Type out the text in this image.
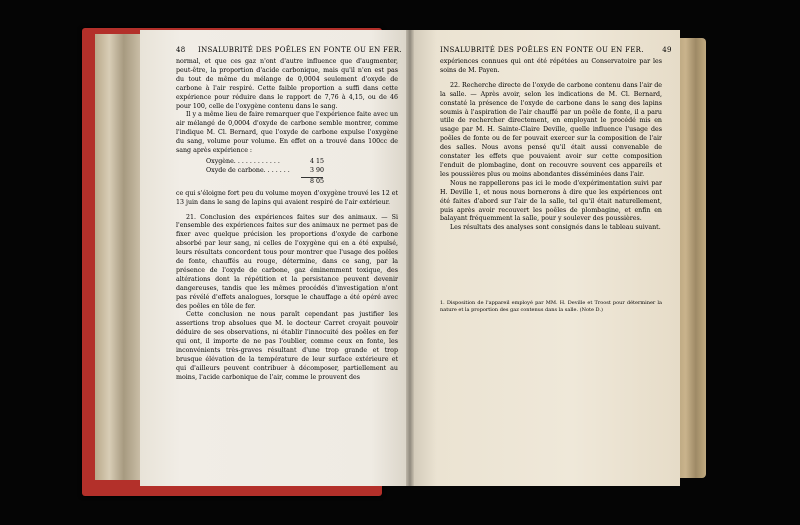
48 INSALUBRITÉ DES POÊLES EN FONTE OU EN FER.

normal, et que ces gaz n'ont d'autre influence que d'augmenter, peut-être, la proportion d'acide carbonique, mais qu'il n'en est pas du tout de même du mélange de 0,0004 seulement d'oxyde de carbone à l'air respiré. Cette faible proportion a suffi dans cette expérience pour réduire dans le rapport de 7,76 à 4,15, ou de 46 pour 100, celle de l'oxygène contenu dans le sang.

Il y a même lieu de faire remarquer que l'expérience faite avec un air mélangé de 0,0004 d'oxyde de carbone semble montrer, comme l'indique M. Cl. Bernard, que l'oxyde de carbone expulse l'oxygène du sang, volume pour volume. En effet on a trouvé dans 100cc de sang après expérience :

Oxygène. . . . . . . . . . . .	4 15
Oxyde de carbone. . . . . . .	3 90
8 05

ce qui s'éloigne fort peu du volume moyen d'oxygène trouvé les 12 et 13 juin dans le sang de lapins qui avaient respiré de l'air extérieur.

21. Conclusion des expériences faites sur des animaux. — Si l'ensemble des expériences faites sur des animaux ne permet pas de fixer avec quelque précision les proportions d'oxyde de carbone absorbé par leur sang, ni celles de l'oxygène qui en a été expulsé, leurs résultats concordent tous pour montrer que l'usage des poêles de fonte, chauffés au rouge, détermine, dans ce sang, par la présence de l'oxyde de carbone, gaz éminemment toxique, des altérations dont la répétition et la persistance peuvent devenir dangereuses, tandis que les mêmes procédés d'investigation n'ont pas révélé d'effets analogues, lorsque le chauffage a été opéré avec des poêles en tôle de fer.

Cette conclusion ne nous paraît cependant pas justifier les assertions trop absolues que M. le docteur Carret croyait pouvoir déduire de ses observations, ni établir l'innocuité des poêles en fer qui ont, il importe de ne pas l'oublier, comme ceux en fonte, les inconvénients très-graves résultant d'une trop grande et trop brusque élévation de la température de leur surface extérieure et qui d'ailleurs peuvent contribuer à décomposer, partiellement au moins, l'acide carbonique de l'air, comme le prouvent des

INSALUBRITÉ DES POÊLES EN FONTE OU EN FER.	49

expériences connues qui ont été répétées au Conservatoire par les soins de M. Payen.

22. Recherche directe de l'oxyde de carbone contenu dans l'air de la salle. — Après avoir, selon les indications de M. Cl. Bernard, constaté la présence de l'oxyde de carbone dans le sang des lapins soumis à l'aspiration de l'air chauffé par un poêle de fonte, il a paru utile de rechercher directement, en employant le procédé mis en usage par M. H. Sainte-Claire Deville, quelle influence l'usage des poêles de fonte ou de fer pouvait exercer sur la composition de l'air des salles. Nous avons pensé qu'il était aussi convenable de constater les effets que pouvaient avoir sur cette composition l'enduit de plombagine, dont on recouvre souvent ces appareils et les poussières plus ou moins abondantes disséminées dans l'air.

Nous ne rappellerons pas ici le mode d'expérimentation suivi par H. Deville 1, et nous nous bornerons à dire que les expériences ont été faites d'abord sur l'air de la salle, tel qu'il était naturellement, puis après avoir recouvert les poêles de plombagine, et enfin en balayant fréquemment la salle, pour y soulever des poussières.

Les résultats des analyses sont consignés dans le tableau suivant.

1. Disposition de l'appareil employé par MM. H. Deville et Troost pour déterminer la nature et la proportion des gaz contenus dans la salle. (Note D.)
